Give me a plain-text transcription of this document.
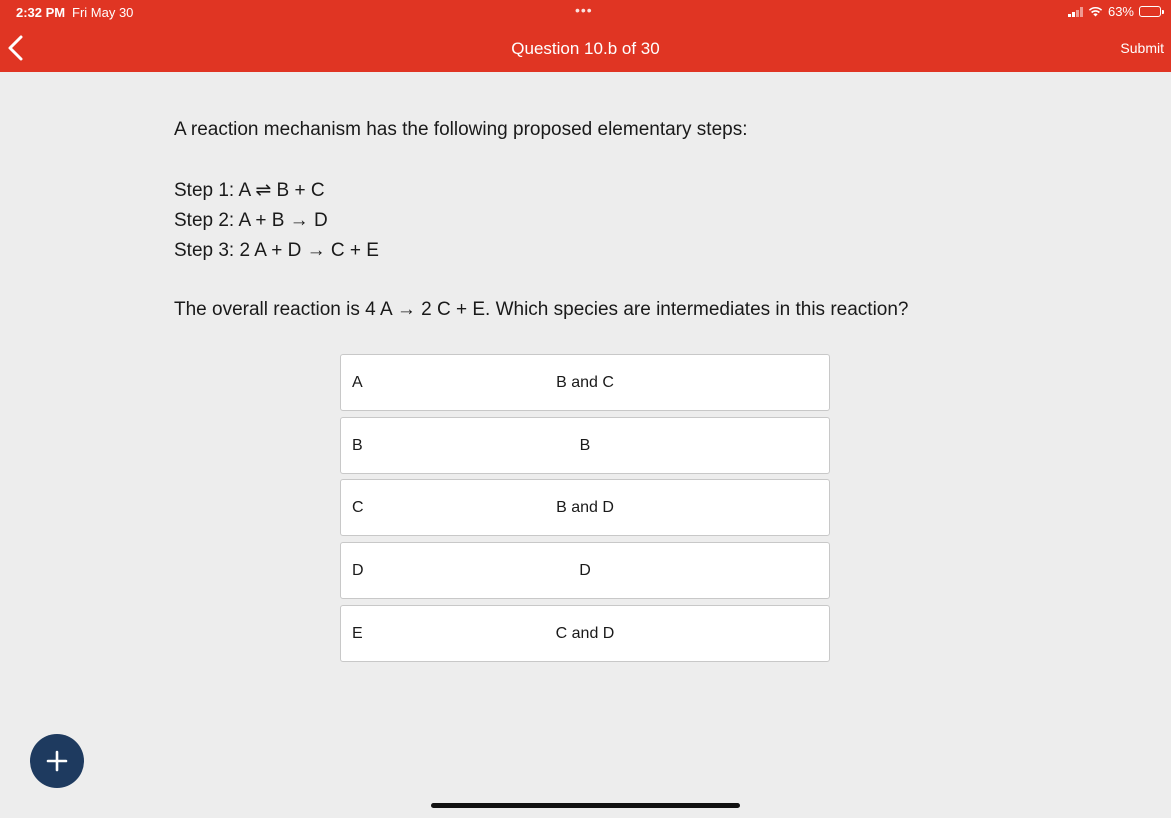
2:32 PM Fri May 30	•••	63%
Question 10.b of 30	Submit

A reaction mechanism has the following proposed elementary steps:

Step 1: A ⇌ B + C
Step 2: A + B → D
Step 3: 2 A + D → C + E

The overall reaction is 4 A → 2 C + E. Which species are intermediates in this reaction?

A	B and C
B	B
C	B and D
D	D
E	C and D
